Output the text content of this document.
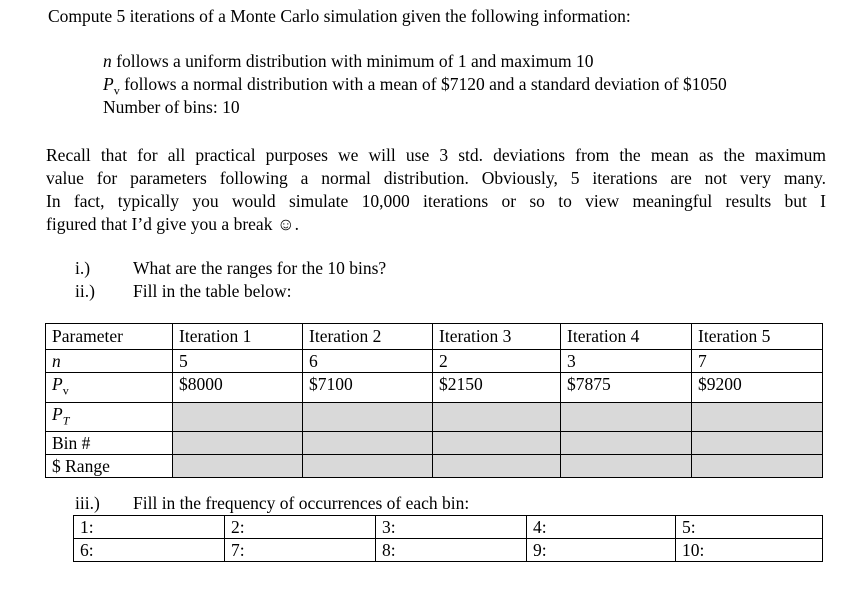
Compute 5 iterations of a Monte Carlo simulation given the following information:
n follows a uniform distribution with minimum of 1 and maximum 10
$P_v$ follows a normal distribution with a mean of $7120 and a standard deviation of $1050
Number of bins: 10
Recall that for all practical purposes we will use 3 std. deviations from the mean as the maximum
value for parameters following a normal distribution. Obviously, 5 iterations are not very many.
In fact, typically you would simulate 10,000 iterations or so to view meaningful results but I
figured that I’d give you a break ☺.
i.) What are the ranges for the 10 bins?
ii.) Fill in the table below:
Parameter	Iteration 1	Iteration 2	Iteration 3	Iteration 4	Iteration 5
n	5	6	2	3	7
$P_v$	$8000	$7100	$2150	$7875	$9200
$P_T$					
Bin #					
$ Range					
iii.) Fill in the frequency of occurrences of each bin:
1:	2:	3:	4:	5:
6:	7:	8:	9:	10:
